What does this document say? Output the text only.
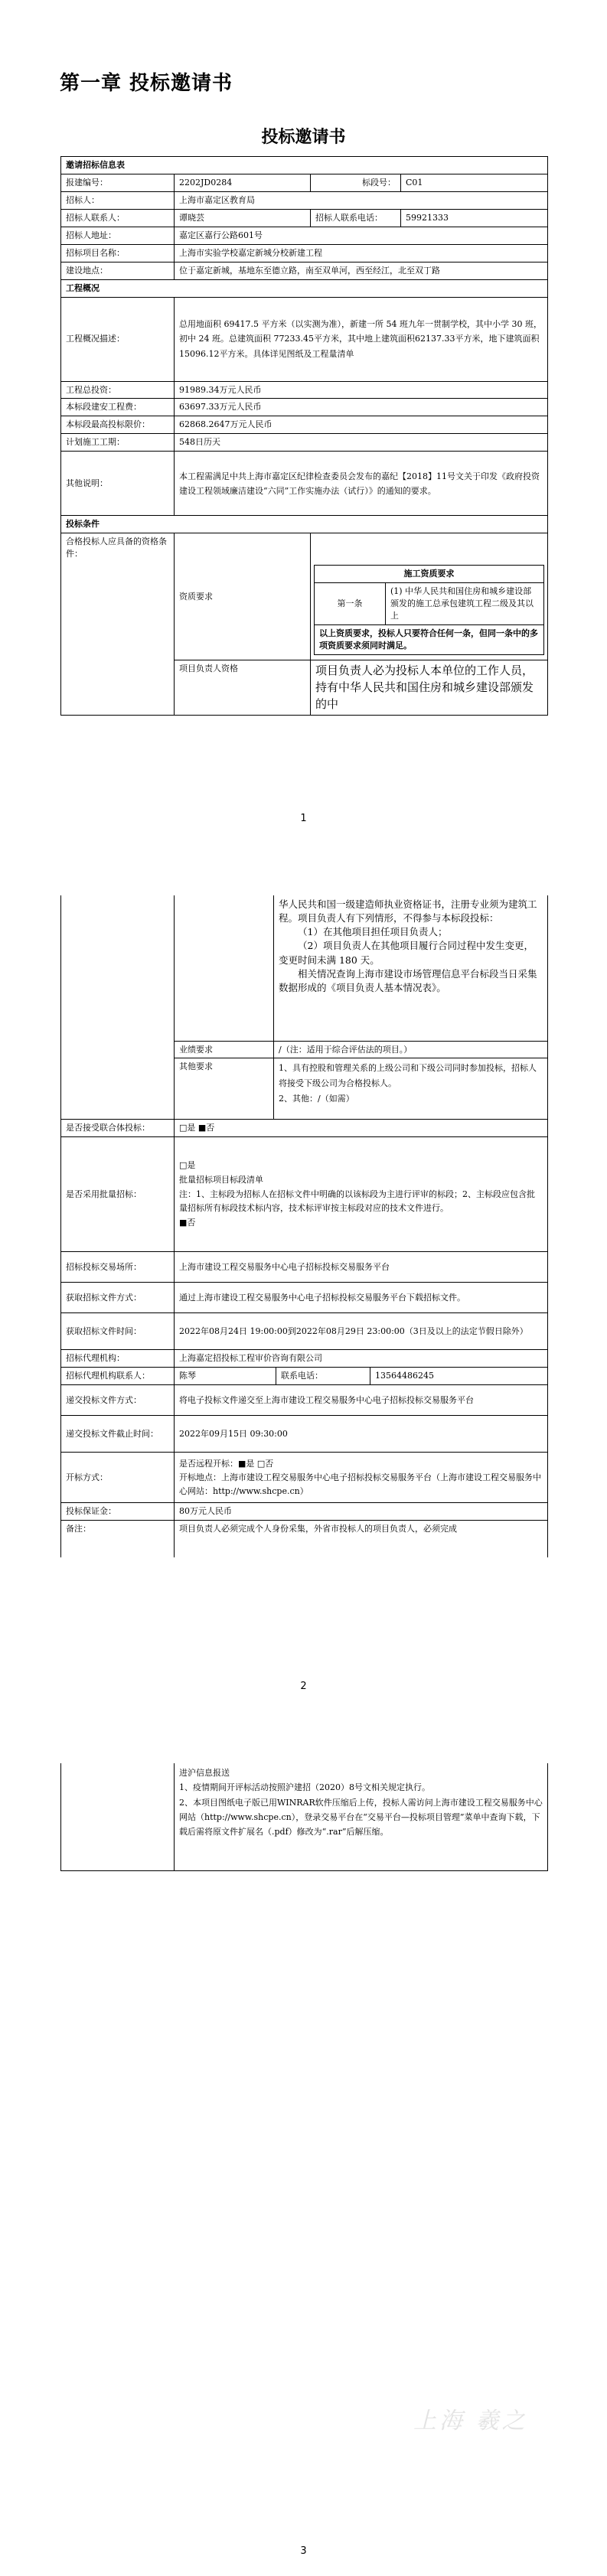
第一章 投标邀请书
投标邀请书
邀请招标信息表
报建编号：	2202JD0284	标段号：	C01
招标人：	上海市嘉定区教育局
招标人联系人：	谭晓芸	招标人联系电话：	59921333
招标人地址：	嘉定区嘉行公路601号
招标项目名称：	上海市实验学校嘉定新城分校新建工程
建设地点：	位于嘉定新城，基地东至德立路，南至双单河，西至经江，北至双丁路
工程概况
工程概况描述：	总用地面积 69417.5 平方米（以实测为准），新建一所 54 班九年一贯制学校，其中小学 30 班，初中 24 班。总建筑面积 77233.45平方米，其中地上建筑面积62137.33平方米，地下建筑面积 15096.12平方米。具体详见图纸及工程量清单
工程总投资：	91989.34万元人民币
本标段建安工程费：	63697.33万元人民币
本标段最高投标限价：	62868.2647万元人民币
计划施工工期：	548日历天
其他说明：	本工程需满足中共上海市嘉定区纪律检查委员会发布的嘉纪【2018】11号文关于印发《政府投资建设工程领域廉洁建设“六同”工作实施办法（试行）》的通知的要求。
投标条件
合格投标人应具备的资格条件：	资质要求	
施工资质要求
第一条	(1) 中华人民共和国住房和城乡建设部颁发的施工总承包建筑工程二级及其以上
以上资质要求，投标人只要符合任何一条，但同一条中的多项资质要求须同时满足。

项目负责人资格	项目负责人必为投标人本单位的工作人员，持有中华人民共和国住房和城乡建设部颁发的中
1

华人民共和国一级建造师执业资格证书，注册专业须为建筑工程。项目负责人有下列情形，不得参与本标段投标：
（1）在其他项目担任项目负责人；
（2）项目负责人在其他项目履行合同过程中发生变更，变更时间未满 180 天。
相关情况查询上海市建设市场管理信息平台标段当日采集数据形成的《项目负责人基本情况表》。

业绩要求	/（注：适用于综合评估法的项目。）
其他要求	1、具有控股和管理关系的上级公司和下级公司同时参加投标，招标人将接受下级公司为合格投标人。
2、其他：/（如需）
是否接受联合体投标：	□是 ■否
是否采用批量招标：	
□是
批量招标项目标段清单
注：1、主标段为招标人在招标文件中明确的以该标段为主进行评审的标段；2、主标段应包含批量招标所有标段技术标内容，技术标评审按主标段对应的技术文件进行。
■否

招标投标交易场所：	上海市建设工程交易服务中心电子招标投标交易服务平台
获取招标文件方式：	通过上海市建设工程交易服务中心电子招标投标交易服务平台下载招标文件。
获取招标文件时间：	2022年08月24日 19:00:00到2022年08月29日 23:00:00（3日及以上的法定节假日除外）
招标代理机构：	上海嘉定招投标工程审价咨询有限公司
招标代理机构联系人：		陈琴	联系电话：	13564486245

递交投标文件方式：	将电子投标文件递交至上海市建设工程交易服务中心电子招标投标交易服务平台
递交投标文件截止时间：	2022年09月15日 09:30:00
开标方式：	
是否远程开标：■是 □否
开标地点：上海市建设工程交易服务中心电子招标投标交易服务平台（上海市建设工程交易服务中心网站：http://www.shcpe.cn）

投标保证金：	80万元人民币
备注：	项目负责人必须完成个人身份采集，外省市投标人的项目负责人，必须完成
2

进沪信息报送
1、疫情期间开评标活动按照沪建招（2020）8号文相关规定执行。
2、本项目图纸电子版已用WINRAR软件压缩后上传，投标人需访问上海市建设工程交易服务中心网站（http://www.shcpe.cn），登录交易平台在“交易平台—投标项目管理”菜单中查询下载，下载后需将原文件扩展名（.pdf）修改为“.rar”后解压缩。
上海 羲之
3
